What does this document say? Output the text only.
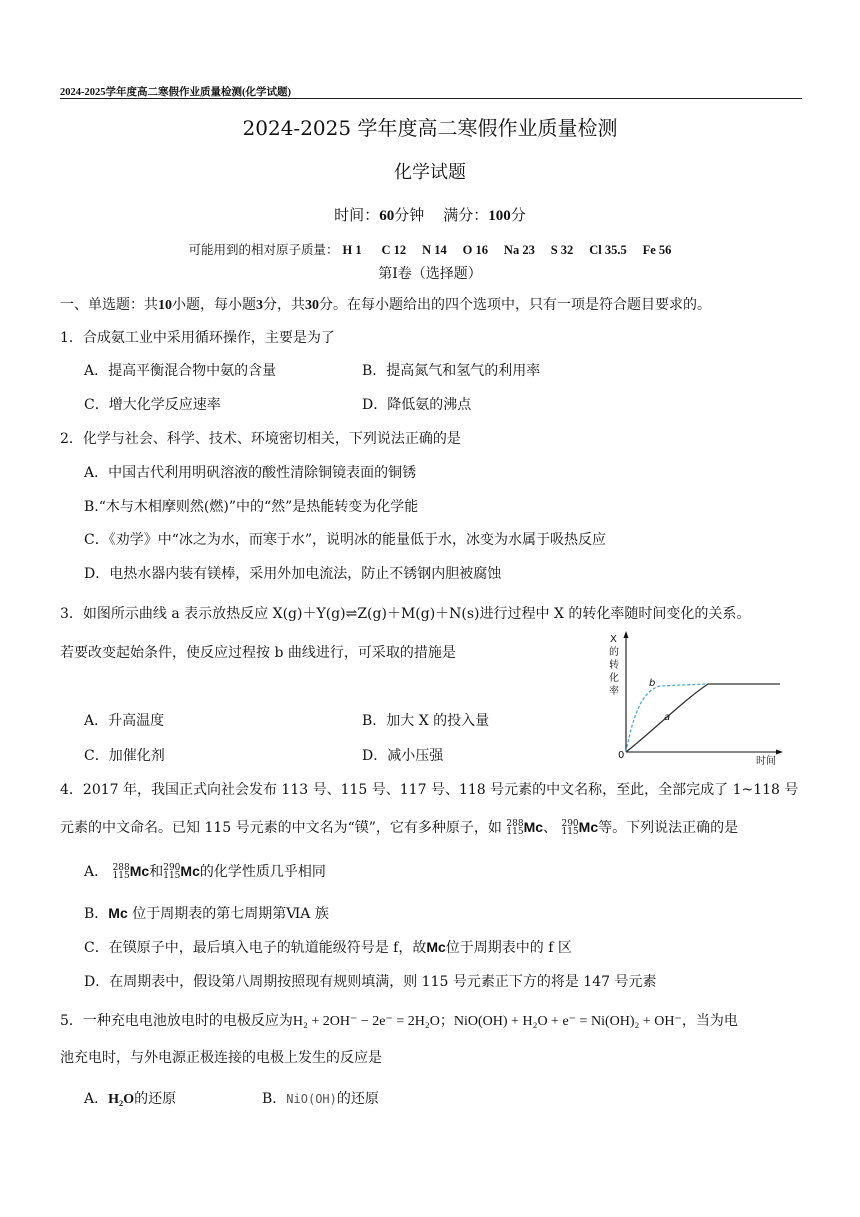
2024-2025学年度高二寒假作业质量检测(化学试题)
2024-2025 学年度高二寒假作业质量检测
化学试题
时间：60分钟 满分：100分
可能用到的相对原子质量： H 1 C 12 N 14 O 16 Na 23 S 32 Cl 35.5 Fe 56
第Ⅰ卷（选择题）
一、单选题：共10小题，每小题3分，共30分。在每小题给出的四个选项中，只有一项是符合题目要求的。
1．合成氨工业中采用循环操作，主要是为了
A．提高平衡混合物中氨的含量	B．提高氮气和氢气的利用率
C．增大化学反应速率	D．降低氨的沸点
2．化学与社会、科学、技术、环境密切相关，下列说法正确的是
A．中国古代利用明矾溶液的酸性清除铜镜表面的铜锈
B.“木与木相摩则然(燃)”中的“然”是热能转变为化学能
C．《劝学》中“冰之为水，而寒于水”，说明冰的能量低于水，冰变为水属于吸热反应
D．电热水器内装有镁棒，采用外加电流法，防止不锈钢内胆被腐蚀
3．如图所示曲线 a 表示放热反应 X(g)＋Y(g)⇌Z(g)＋M(g)＋N(s)进行过程中 X 的转化率随时间变化的关系。
若要改变起始条件，使反应过程按 b 曲线进行，可采取的措施是
A．升高温度	B．加大 X 的投入量
C．加催化剂	D．减小压强
X
的
转
化
率
0
时间
a
b
4．2017 年，我国正式向社会发布 113 号、115 号、117 号、118 号元素的中文名称，至此，全部完成了 1~118 号
元素的中文命名。已知 115 号元素的中文名为“镆”，它有多种原子，如 288
115 Mc、 290
115 Mc等。下列说法正确的是
A． 288
115 Mc和 290
115 Mc的化学性质几乎相同
B．Mc 位于周期表的第七周期第ⅥA 族
C．在镆原子中，最后填入电子的轨道能级符号是 f，故Mc位于周期表中的 f 区
D．在周期表中，假设第八周期按照现有规则填满，则 115 号元素正下方的将是 147 号元素
5．一种充电电池放电时的电极反应为H₂ + 2OH⁻ − 2e⁻ = 2H₂O；NiO(OH) + H₂O + e⁻ = Ni(OH)₂ + OH⁻，当为电
池充电时，与外电源正极连接的电极上发生的反应是
A．H₂O的还原	B．NiO(OH)的还原
